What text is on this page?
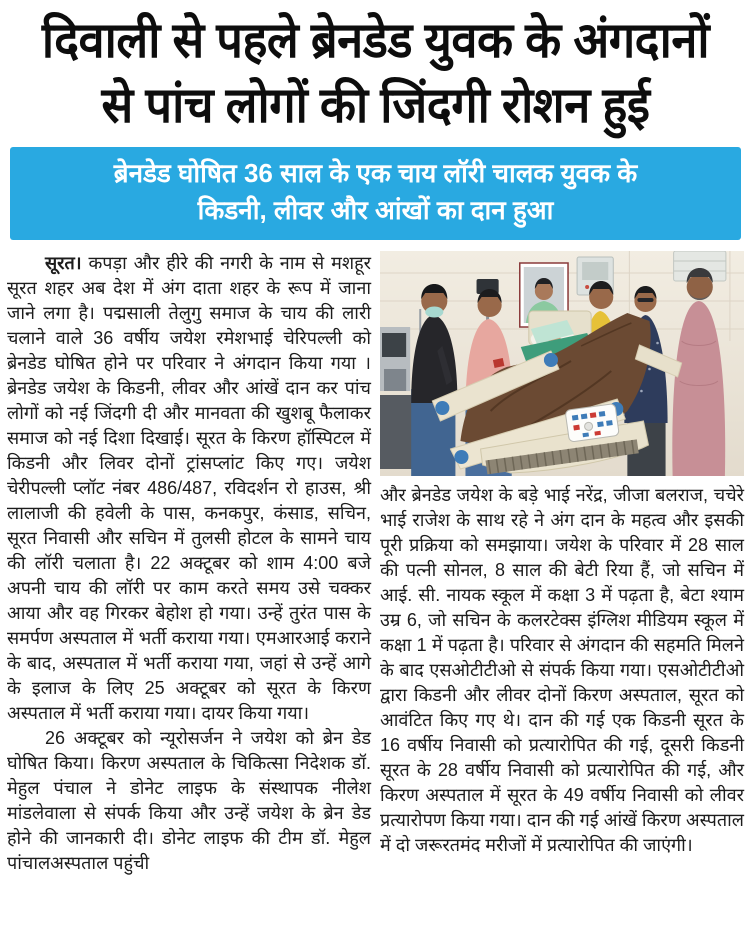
दिवाली से पहले ब्रेनडेड युवक के अंगदानों
से पांच लोगों की जिंदगी रोशन हुई
ब्रेनडेड घोषित 36 साल के एक चाय लॉरी चालक युवक के
किडनी, लीवर और आंखों का दान हुआ

सूरत। कपड़ा और हीरे की नगरी के नाम से मशहूर सूरत शहर अब देश में अंग दाता शहर के रूप में जाना जाने लगा है। पद्मसाली तेलुगु समाज के चाय की लारी चलाने वाले 36 वर्षीय जयेश रमेशभाई चेरिपल्ली को ब्रेनडेड घोषित होने पर परिवार ने अंगदान किया गया । ब्रेनडेड जयेश के किडनी, लीवर और आंखें दान कर पांच लोगों को नई जिंदगी दी और मानवता की खुशबू फैलाकर समाज को नई दिशा दिखाई। सूरत के किरण हॉस्पिटल में किडनी और लिवर दोनों ट्रांसप्लांट किए गए। जयेश चेरीपल्ली प्लॉट नंबर 486/487, रविदर्शन रो हाउस, श्री लालाजी की हवेली के पास, कनकपुर, कंसाड, सचिन, सूरत निवासी और सचिन में तुलसी होटल के सामने चाय की लॉरी चलाता है। 22 अक्टूबर को शाम 4:00 बजे अपनी चाय की लॉरी पर काम करते समय उसे चक्कर आया और वह गिरकर बेहोश हो गया। उन्हें तुरंत पास के समर्पण अस्पताल में भर्ती कराया गया। एमआरआई कराने के बाद, अस्पताल में भर्ती कराया गया, जहां से उन्हें आगे के इलाज के लिए 25 अक्टूबर को सूरत के किरण अस्पताल में भर्ती कराया गया। दायर किया गया।

26 अक्टूबर को न्यूरोसर्जन ने जयेश को ब्रेन डेड घोषित किया। किरण अस्पताल के चिकित्सा निदेशक डॉ. मेहुल पंचाल ने डोनेट लाइफ के संस्थापक नीलेश मांडलेवाला से संपर्क किया और उन्हें जयेश के ब्रेन डेड होने की जानकारी दी। डोनेट लाइफ की टीम डॉ. मेहुल पांचालअस्पताल पहुंची

और ब्रेनडेड जयेश के बड़े भाई नरेंद्र, जीजा बलराज, चचेरे भाई राजेश के साथ रहे ने अंग दान के महत्व और इसकी पूरी प्रक्रिया को समझाया। जयेश के परिवार में 28 साल की पत्नी सोनल, 8 साल की बेटी रिया हैं, जो सचिन में आई. सी. नायक स्कूल में कक्षा 3 में पढ़ता है, बेटा श्याम उम्र 6, जो सचिन के कलरटेक्स इंग्लिश मीडियम स्कूल में कक्षा 1 में पढ़ता है। परिवार से अंगदान की सहमति मिलने के बाद एसओटीटीओ से संपर्क किया गया। एसओटीटीओ द्वारा किडनी और लीवर दोनों किरण अस्पताल, सूरत को आवंटित किए गए थे। दान की गई एक किडनी सूरत के 16 वर्षीय निवासी को प्रत्यारोपित की गई, दूसरी किडनी सूरत के 28 वर्षीय निवासी को प्रत्यारोपित की गई, और किरण अस्पताल में सूरत के 49 वर्षीय निवासी को लीवर प्रत्यारोपण किया गया। दान की गई आंखें किरण अस्पताल में दो जरूरतमंद मरीजों में प्रत्यारोपित की जाएंगी।
